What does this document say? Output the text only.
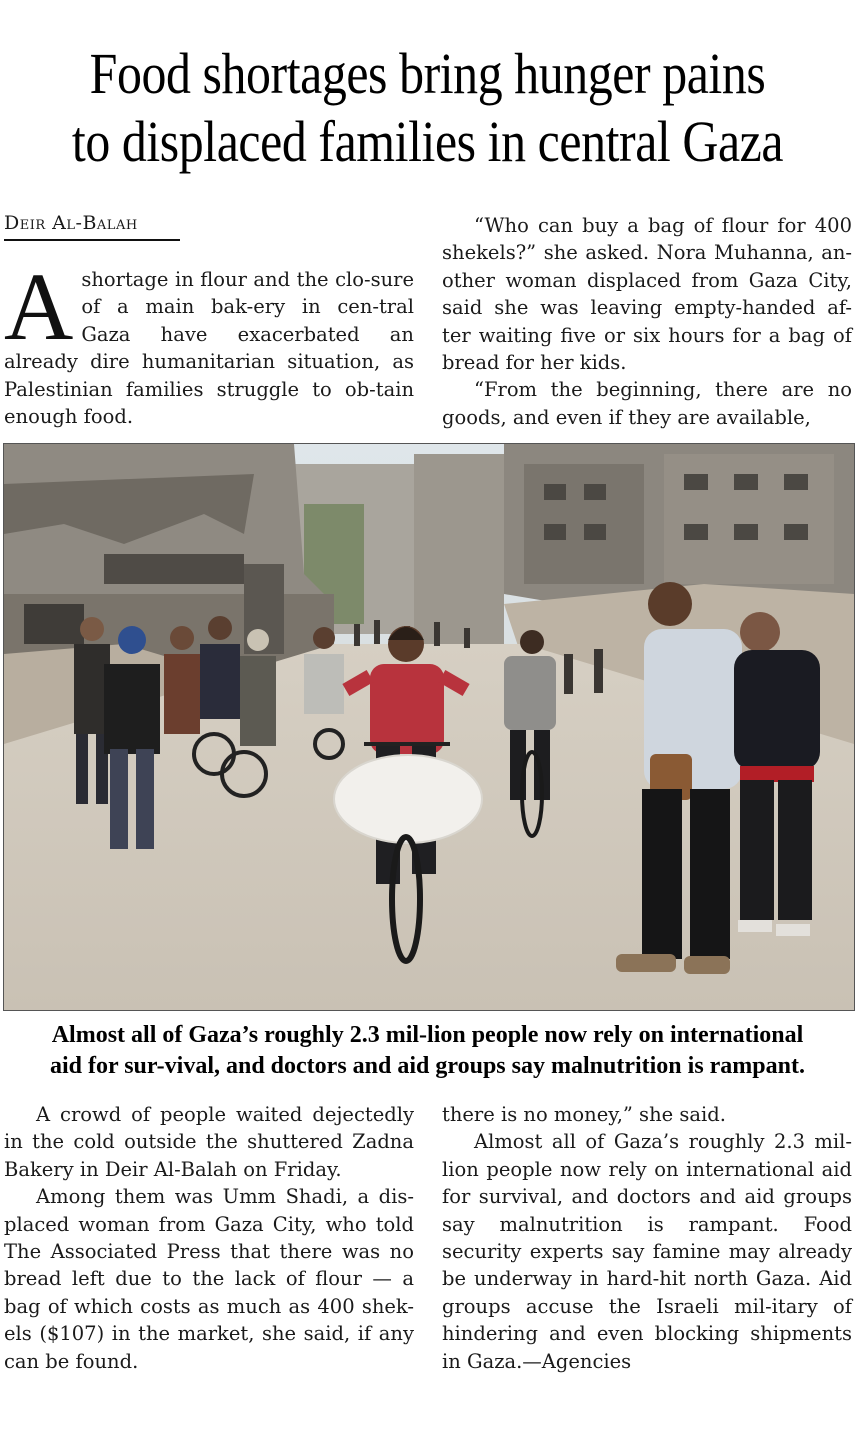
Food shortages bring hunger pains
to displaced families in central Gaza
Deir Al-Balah

Ashortage in flour and the clo-sure of a main bak-ery in cen-tral Gaza have exacerbated an already dire humanitarian situation, as Palestinian families struggle to ob-tain enough food.

“Who can buy a bag of flour for 400 shekels?” she asked. Nora Muhanna, an-other woman displaced from Gaza City, said she was leaving empty-handed af-ter waiting five or six hours for a bag of bread for her kids.

“From the beginning, there are no goods, and even if they are available,

Almost all of Gaza’s roughly 2.3 mil-lion people now rely on international
aid for sur-vival, and doctors and aid groups say malnutrition is rampant.

A crowd of people waited dejectedly in the cold outside the shuttered Zadna Bakery in Deir Al-Balah on Friday.

Among them was Umm Shadi, a dis-placed woman from Gaza City, who told The Associated Press that there was no bread left due to the lack of flour — a bag of which costs as much as 400 shek-els ($107) in the market, she said, if any can be found.

there is no money,” she said.

Almost all of Gaza’s roughly 2.3 mil-lion people now rely on international aid for survival, and doctors and aid groups say malnutrition is rampant. Food security experts say famine may already be underway in hard-hit north Gaza. Aid groups accuse the Israeli mil-itary of hindering and even blocking shipments in Gaza.—Agencies
